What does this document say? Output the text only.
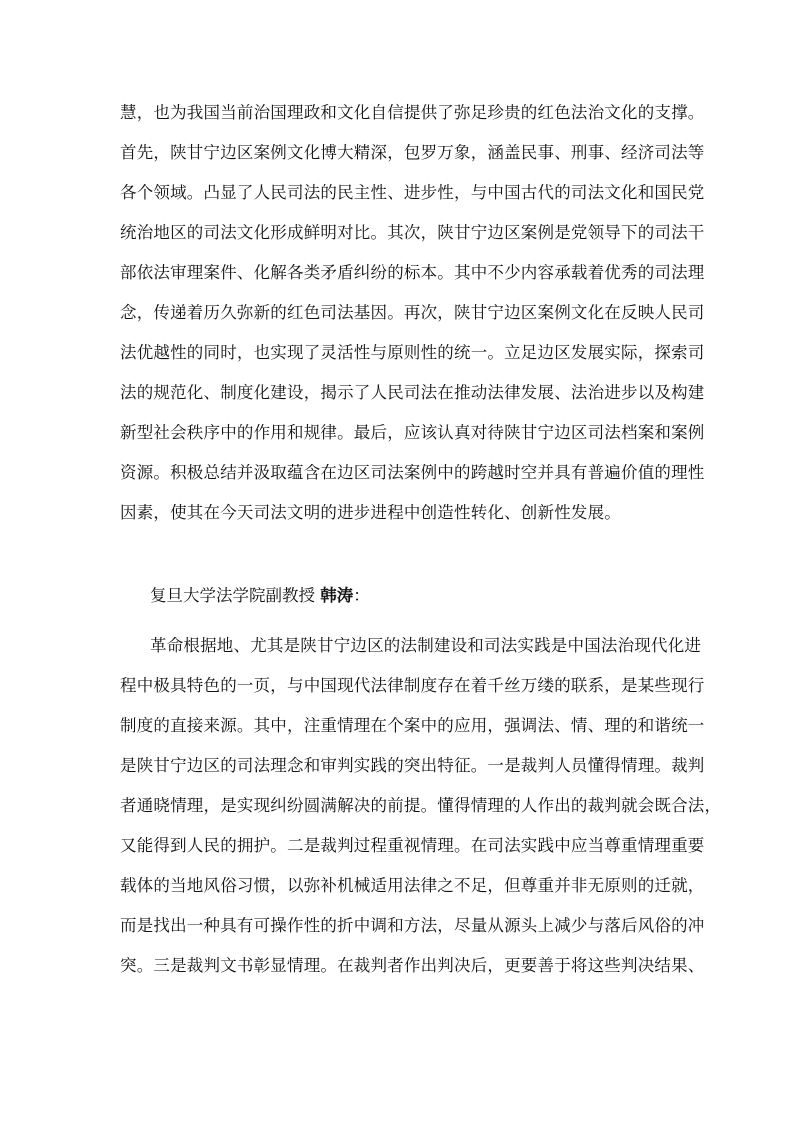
慧，也为我国当前治国理政和文化自信提供了弥足珍贵的红色法治文化的支撑。
首先，陕甘宁边区案例文化博大精深，包罗万象，涵盖民事、刑事、经济司法等
各个领域。凸显了人民司法的民主性、进步性，与中国古代的司法文化和国民党
统治地区的司法文化形成鲜明对比。其次，陕甘宁边区案例是党领导下的司法干
部依法审理案件、化解各类矛盾纠纷的标本。其中不少内容承载着优秀的司法理
念，传递着历久弥新的红色司法基因。再次，陕甘宁边区案例文化在反映人民司
法优越性的同时，也实现了灵活性与原则性的统一。立足边区发展实际，探索司
法的规范化、制度化建设，揭示了人民司法在推动法律发展、法治进步以及构建
新型社会秩序中的作用和规律。最后，应该认真对待陕甘宁边区司法档案和案例
资源。积极总结并汲取蕴含在边区司法案例中的跨越时空并具有普遍价值的理性
因素，使其在今天司法文明的进步进程中创造性转化、创新性发展。
复旦大学法学院副教授 韩涛：
革命根据地、尤其是陕甘宁边区的法制建设和司法实践是中国法治现代化进
程中极具特色的一页，与中国现代法律制度存在着千丝万缕的联系，是某些现行
制度的直接来源。其中，注重情理在个案中的应用，强调法、情、理的和谐统一
是陕甘宁边区的司法理念和审判实践的突出特征。一是裁判人员懂得情理。裁判
者通晓情理，是实现纠纷圆满解决的前提。懂得情理的人作出的裁判就会既合法，
又能得到人民的拥护。二是裁判过程重视情理。在司法实践中应当尊重情理重要
载体的当地风俗习惯，以弥补机械适用法律之不足，但尊重并非无原则的迁就，
而是找出一种具有可操作性的折中调和方法，尽量从源头上减少与落后风俗的冲
突。三是裁判文书彰显情理。在裁判者作出判决后，更要善于将这些判决结果、
